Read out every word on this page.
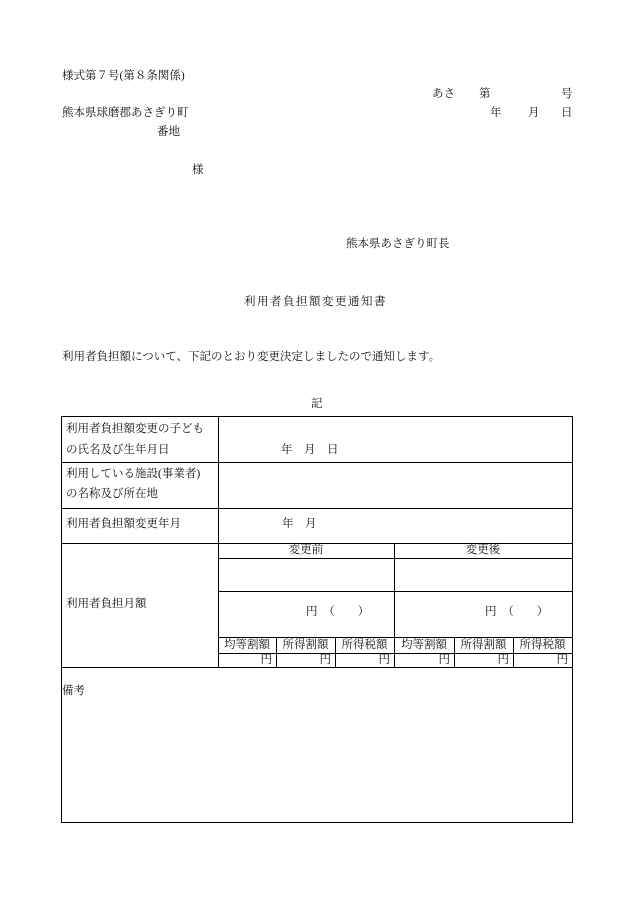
様式第７号(第８条関係)
あさ 第	号
熊本県球磨郡あさぎり町	年 月 日
番地
様
熊本県あさぎり町長
利用者負担額変更通知書
利用者負担額について、下記のとおり変更決定しましたので通知します。
記
利用者負担額変更の子ども
の氏名及び生年月日	年　月　日
利用している施設(事業者)
の名称及び所在地
利用者負担額変更年月	年　月
利用者負担月額
変更前	変更後
円　（　　）	円　（　　）
均等割額	所得割額	所得税額	均等割額	所得割額	所得税額
円	円	円	円	円	円
備考
